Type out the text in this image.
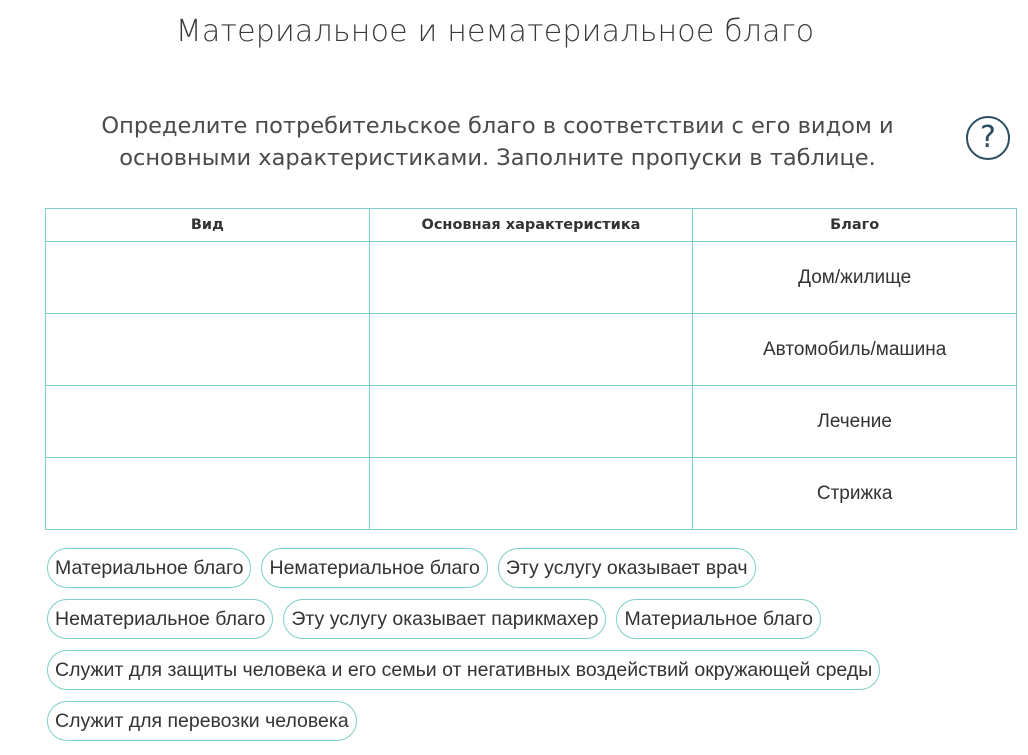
Материальное и нематериальное благо
Определите потребительское благо в соответствии с его видом и
основными характеристиками. Заполните пропуски в таблице.
?
Вид	Основная характеристика	Благо
		Дом/жилище
		Автомобиль/машина
		Лечение
		Стрижка
Материальное благо	Нематериальное благо	Эту услугу оказывает врач
Нематериальное благо	Эту услугу оказывает парикмахер	Материальное благо
Служит для защиты человека и его семьи от негативных воздействий окружающей среды
Служит для перевозки человека
